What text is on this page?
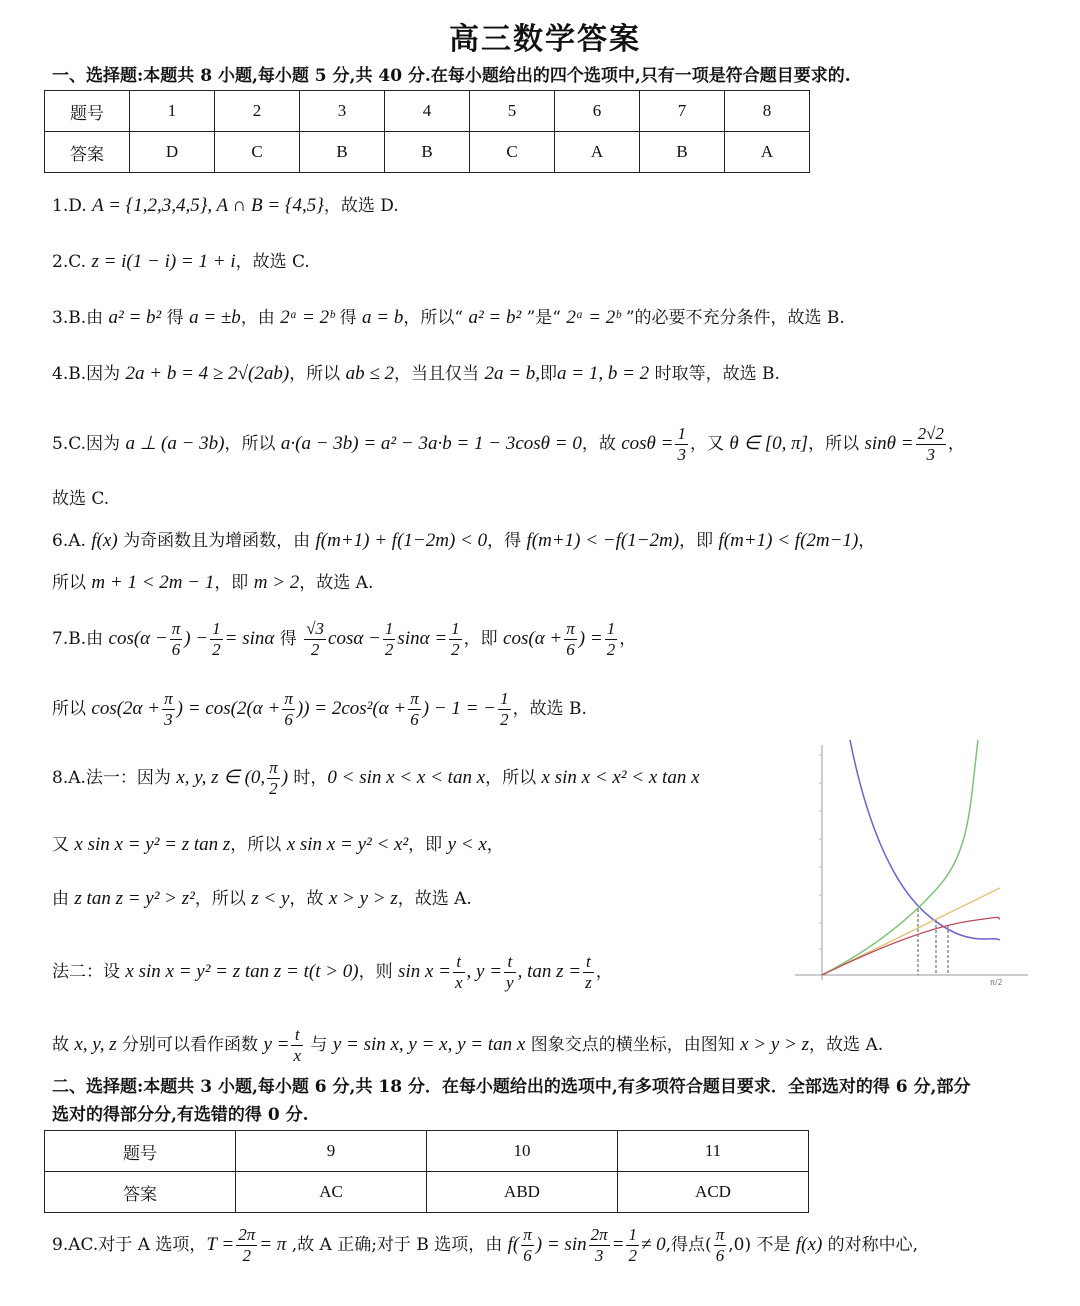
高三数学答案
一、选择题:本题共 8 小题,每小题 5 分,共 40 分.在每小题给出的四个选项中,只有一项是符合题目要求的.
题号	1	2	3	4	5	6	7	8
答案	D	C	B	B	C	A	B	A
1.D. A = {1,2,3,4,5}, A ∩ B = {4,5}，故选 D.
2.C. z = i(1 − i) = 1 + i，故选 C.
3.B.由 a² = b² 得 a = ±b，由 2ᵃ = 2ᵇ 得 a = b，所以“ a² = b² ”是“ 2ᵃ = 2ᵇ ”的必要不充分条件，故选 B.
4.B.因为 2a + b = 4 ≥ 2√(2ab)，所以 ab ≤ 2，当且仅当 2a = b,即a = 1, b = 2 时取等，故选 B.
5.C.因为 a ⊥ (a − 3b)，所以 a·(a − 3b) = a² − 3a·b = 1 − 3cosθ = 0，故 $\cos\theta = \frac{1}{3}$ ，又 θ ∈ [0, π]，所以 $\sin\theta = \frac{2√2}{3}$ ，
故选 C.
6.A. f(x) 为奇函数且为增函数，由 f(m+1) + f(1−2m) < 0，得 f(m+1) < −f(1−2m)，即 f(m+1) < f(2m−1)，
所以 m + 1 < 2m − 1，即 m > 2，故选 A.
7.B.由 $\cos(\alpha - \frac{\pi}{6}$ ) − $\frac{1}{2} = \sin\alpha$ 得 $\frac{√3}{2}$ $\cos\alpha - \frac{1}{2}$ $\sin\alpha = \frac{1}{2}$ ，即 $\cos(\alpha + \frac{\pi}{6}$ ) = $\frac{1}{2}$ ，
所以 $\cos(2\alpha + \frac{\pi}{3}$ ) = $\cos(2(\alpha + \frac{\pi}{6}$ )) = $2\cos^2(\alpha + \frac{\pi}{6}$ ) − 1 = − $\frac{1}{2}$ ，故选 B.
8.A.法一：因为 x, y, z ∈ (0, $\frac{\pi}{2}$ ) 时，0 < sin x < x < tan x，所以 x sin x < x² < x tan x
又 x sin x = y² = z tan z，所以 x sin x = y² < x²，即 y < x，
由 z tan z = y² > z²，所以 z < y，故 x > y > z，故选 A.
法二：设 x sin x = y² = z tan z = t(t > 0)，则 $\sin x = \frac{t}{x}$ , $y = \frac{t}{y}$ , $\tan z = \frac{t}{z}$ ，
故 x, y, z 分别可以看作函数 $y = \frac{t}{x}$ 与 y = sin x, y = x, y = tan x 图象交点的横坐标，由图知 x > y > z，故选 A.
π/2
二、选择题:本题共 3 小题,每小题 6 分,共 18 分．在每小题给出的选项中,有多项符合题目要求．全部选对的得 6 分,部分
选对的得部分分,有选错的得 0 分.
题号	9	10	11
答案	AC	ABD	ACD
9.AC.对于 A 选项，$T = \frac{2\pi}{2} = \pi$ ,故 A 正确;对于 B 选项，由 $f( \frac{\pi}{6}$ ) = $\sin \frac{2\pi}{3} = \frac{1}{2} \ne 0$,得点( $\frac{\pi}{6} ,0$) 不是 f(x) 的对称中心,
